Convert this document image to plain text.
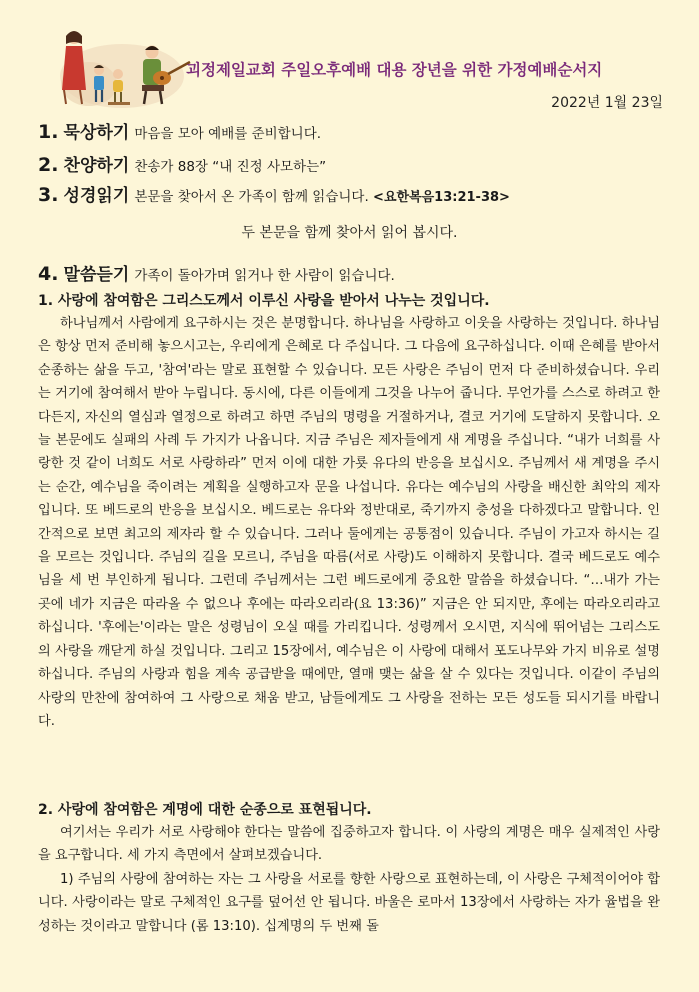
괴정제일교회 주일오후예배 대용 장년을 위한 가정예배순서지
2022년 1월 23일
1. 묵상하기 마음을 모아 예배를 준비합니다.
2. 찬양하기 찬송가 88장 “내 진정 사모하는”
3. 성경읽기 본문을 찾아서 온 가족이 함께 읽습니다. <요한복음13:21-38>
두 본문을 함께 찾아서 읽어 봅시다.
4. 말씀듣기 가족이 돌아가며 읽거나 한 사람이 읽습니다.
1. 사랑에 참여함은 그리스도께서 이루신 사랑을 받아서 나누는 것입니다.

하나님께서 사람에게 요구하시는 것은 분명합니다. 하나님을 사랑하고 이웃을 사랑하는 것입니다. 하나님은 항상 먼저 준비해 놓으시고는, 우리에게 은혜로 다 주십니다. 그 다음에 요구하십니다. 이때 은혜를 받아서 순종하는 삶을 두고, '참여'라는 말로 표현할 수 있습니다. 모든 사랑은 주님이 먼저 다 준비하셨습니다. 우리는 거기에 참여해서 받아 누립니다. 동시에, 다른 이들에게 그것을 나누어 줍니다. 무언가를 스스로 하려고 한다든지, 자신의 열심과 열정으로 하려고 하면 주님의 명령을 거절하거나, 결코 거기에 도달하지 못합니다. 오늘 본문에도 실패의 사례 두 가지가 나옵니다. 지금 주님은 제자들에게 새 계명을 주십니다. “내가 너희를 사랑한 것 같이 너희도 서로 사랑하라” 먼저 이에 대한 가룟 유다의 반응을 보십시오. 주님께서 새 계명을 주시는 순간, 예수님을 죽이려는 계획을 실행하고자 문을 나섭니다. 유다는 예수님의 사랑을 배신한 최악의 제자입니다. 또 베드로의 반응을 보십시오. 베드로는 유다와 정반대로, 죽기까지 충성을 다하겠다고 말합니다. 인간적으로 보면 최고의 제자라 할 수 있습니다. 그러나 둘에게는 공통점이 있습니다. 주님이 가고자 하시는 길을 모르는 것입니다. 주님의 길을 모르니, 주님을 따름(서로 사랑)도 이해하지 못합니다. 결국 베드로도 예수님을 세 번 부인하게 됩니다. 그런데 주님께서는 그런 베드로에게 중요한 말씀을 하셨습니다. “…내가 가는 곳에 네가 지금은 따라올 수 없으나 후에는 따라오리라(요 13:36)” 지금은 안 되지만, 후에는 따라오리라고 하십니다. '후에는'이라는 말은 성령님이 오실 때를 가리킵니다. 성령께서 오시면, 지식에 뛰어넘는 그리스도의 사랑을 깨닫게 하실 것입니다. 그리고 15장에서, 예수님은 이 사랑에 대해서 포도나무와 가지 비유로 설명하십니다. 주님의 사랑과 힘을 계속 공급받을 때에만, 열매 맺는 삶을 살 수 있다는 것입니다. 이같이 주님의 사랑의 만찬에 참여하여 그 사랑으로 채움 받고, 남들에게도 그 사랑을 전하는 모든 성도들 되시기를 바랍니다.

2. 사랑에 참여함은 계명에 대한 순종으로 표현됩니다.

여기서는 우리가 서로 사랑해야 한다는 말씀에 집중하고자 합니다. 이 사랑의 계명은 매우 실제적인 사랑을 요구합니다. 세 가지 측면에서 살펴보겠습니다.

1) 주님의 사랑에 참여하는 자는 그 사랑을 서로를 향한 사랑으로 표현하는데, 이 사랑은 구체적이어야 합니다. 사랑이라는 말로 구체적인 요구를 덮어선 안 됩니다. 바울은 로마서 13장에서 사랑하는 자가 율법을 완성하는 것이라고 말합니다 (롬 13:10). 십계명의 두 번째 돌
